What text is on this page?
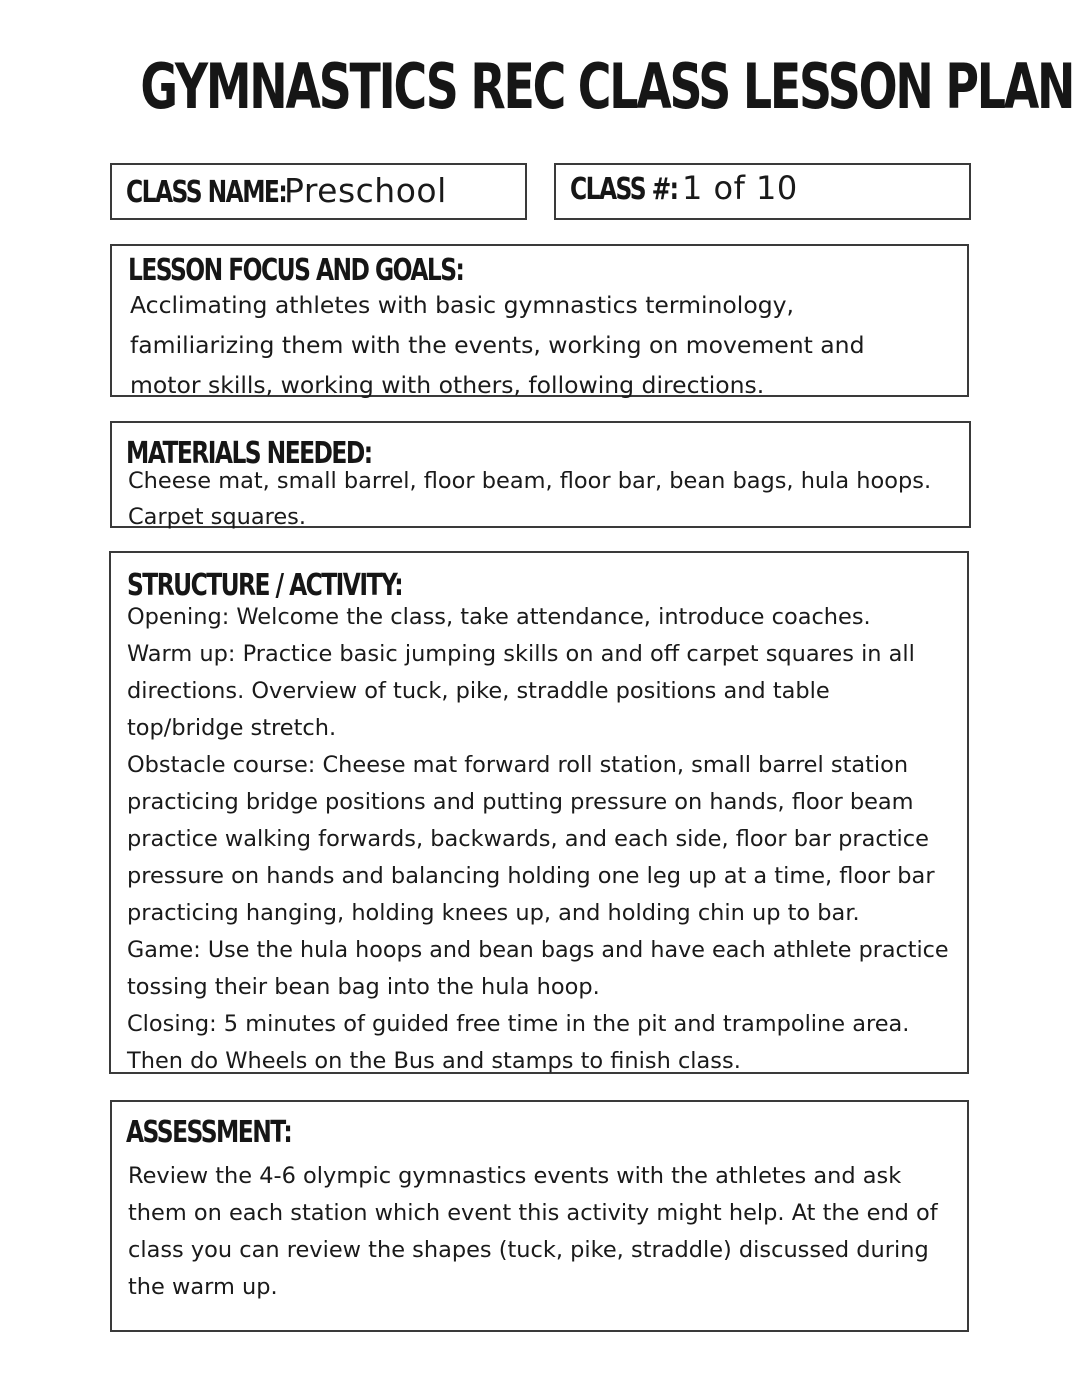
GYMNASTICS REC CLASS LESSON PLAN
CLASS NAME:
Preschool	CLASS #: 1 of 10
LESSON FOCUS AND GOALS:
Acclimating athletes with basic gymnastics terminology,
familiarizing them with the events, working on movement and
motor skills, working with others, following directions.
MATERIALS NEEDED:
Cheese mat, small barrel, floor beam, floor bar, bean bags, hula hoops.
Carpet squares.
STRUCTURE / ACTIVITY:
Opening: Welcome the class, take attendance, introduce coaches.
Warm up: Practice basic jumping skills on and off carpet squares in all
directions. Overview of tuck, pike, straddle positions and table
top/bridge stretch.
Obstacle course: Cheese mat forward roll station, small barrel station
practicing bridge positions and putting pressure on hands, floor beam
practice walking forwards, backwards, and each side, floor bar practice
pressure on hands and balancing holding one leg up at a time, floor bar
practicing hanging, holding knees up, and holding chin up to bar.
Game: Use the hula hoops and bean bags and have each athlete practice
tossing their bean bag into the hula hoop.
Closing: 5 minutes of guided free time in the pit and trampoline area.
Then do Wheels on the Bus and stamps to finish class.
ASSESSMENT:
Review the 4-6 olympic gymnastics events with the athletes and ask
them on each station which event this activity might help. At the end of
class you can review the shapes (tuck, pike, straddle) discussed during
the warm up.
